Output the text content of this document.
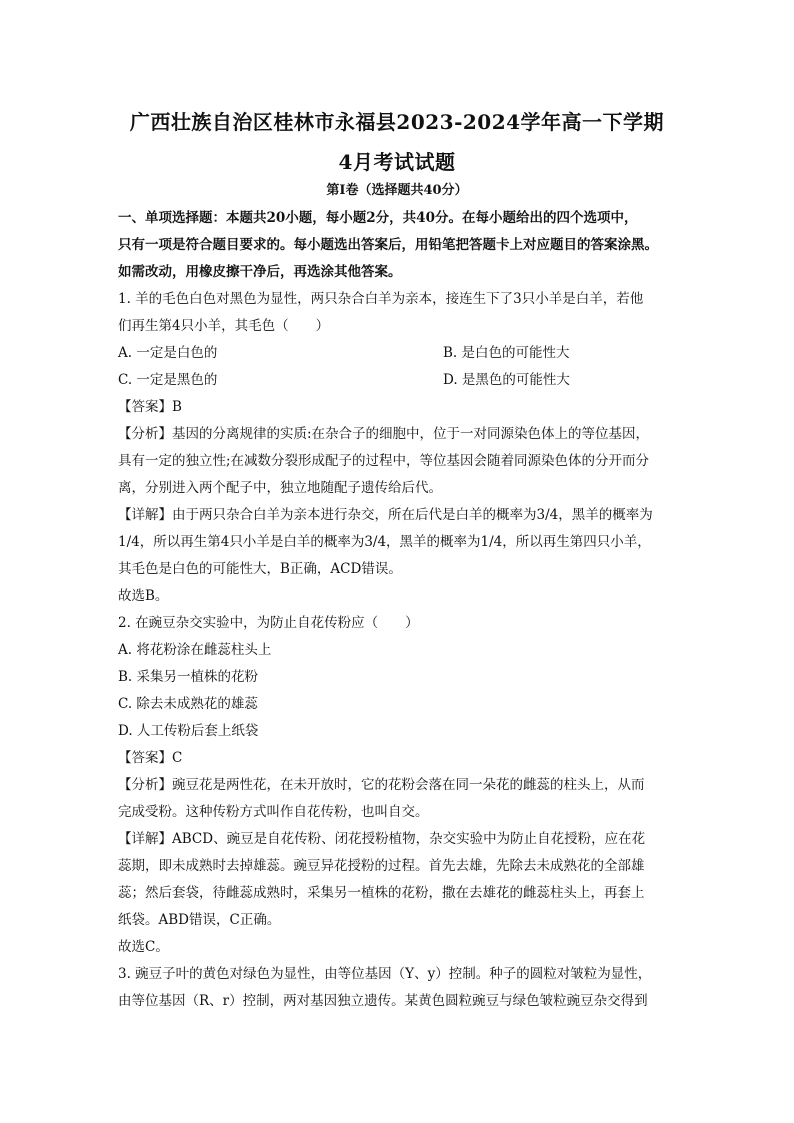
广西壮族自治区桂林市永福县2023-2024学年高一下学期
4月考试试题
第Ⅰ卷（选择题共40分）
一、单项选择题：本题共20小题，每小题2分，共40分。在每小题给出的四个选项中，
只有一项是符合题目要求的。每小题选出答案后，用铅笔把答题卡上对应题目的答案涂黑。
如需改动，用橡皮擦干净后，再选涂其他答案。
1. 羊的毛色白色对黑色为显性，两只杂合白羊为亲本，接连生下了3只小羊是白羊，若他
们再生第4只小羊，其毛色（　　）
A. 一定是白色的	B. 是白色的可能性大
C. 一定是黑色的	D. 是黑色的可能性大
【答案】B
【分析】基因的分离规律的实质:在杂合子的细胞中，位于一对同源染色体上的等位基因，
具有一定的独立性;在减数分裂形成配子的过程中，等位基因会随着同源染色体的分开而分
离，分别进入两个配子中，独立地随配子遗传给后代。
【详解】由于两只杂合白羊为亲本进行杂交，所在后代是白羊的概率为3/4，黑羊的概率为
1/4，所以再生第4只小羊是白羊的概率为3/4，黑羊的概率为1/4，所以再生第四只小羊，
其毛色是白色的可能性大，B正确，ACD错误。
故选B。
2. 在豌豆杂交实验中，为防止自花传粉应（　　）
A. 将花粉涂在雌蕊柱头上
B. 采集另一植株的花粉
C. 除去未成熟花的雄蕊
D. 人工传粉后套上纸袋
【答案】C
【分析】豌豆花是两性花，在未开放时，它的花粉会落在同一朵花的雌蕊的柱头上，从而
完成受粉。这种传粉方式叫作自花传粉，也叫自交。
【详解】ABCD、豌豆是自花传粉、闭花授粉植物，杂交实验中为防止自花授粉，应在花
蕊期，即未成熟时去掉雄蕊。豌豆异花授粉的过程。首先去雄，先除去未成熟花的全部雄
蕊；然后套袋，待雌蕊成熟时，采集另一植株的花粉，撒在去雄花的雌蕊柱头上，再套上
纸袋。ABD错误，C正确。
故选C。
3. 豌豆子叶的黄色对绿色为显性，由等位基因（Y、y）控制。种子的圆粒对皱粒为显性，
由等位基因（R、r）控制，两对基因独立遗传。某黄色圆粒豌豆与绿色皱粒豌豆杂交得到
